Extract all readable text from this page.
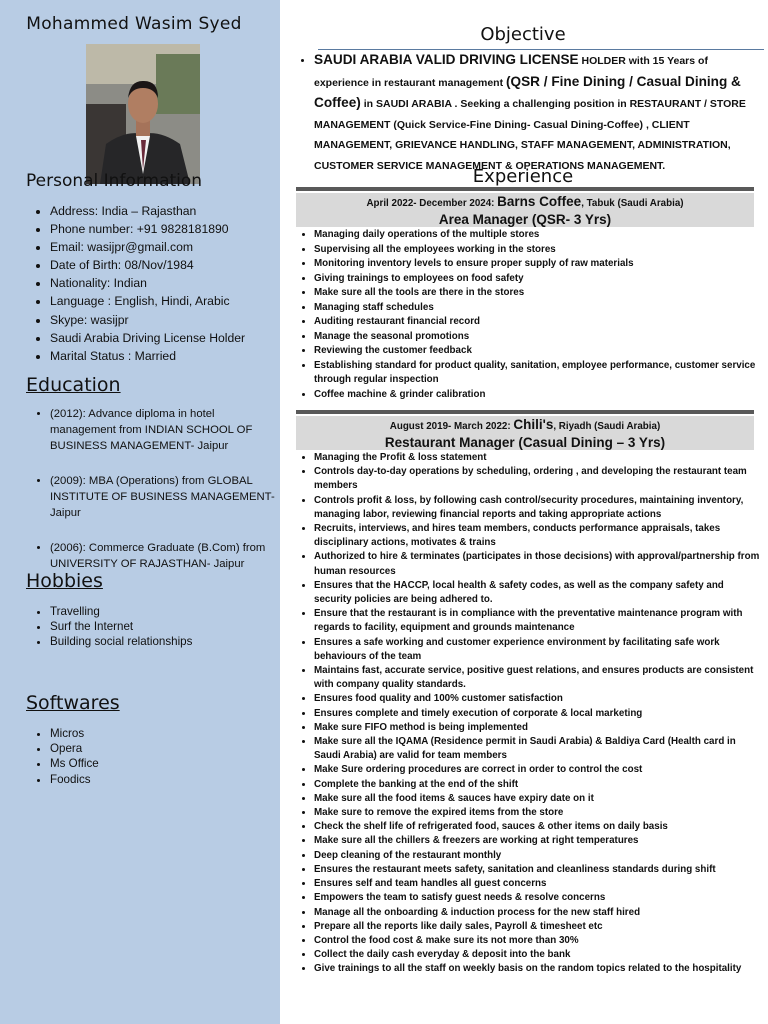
Mohammed Wasim Syed
Personal Information
• Address: India – Rajasthan
• Phone number: +91 9828181890
• Email: wasijpr@gmail.com
• Date of Birth: 08/Nov/1984
• Nationality: Indian
• Language : English, Hindi, Arabic
• Skype: wasijpr
• Saudi Arabia Driving License Holder
• Marital Status : Married
Education
• (2012): Advance diploma in hotel management from INDIAN SCHOOL OF BUSINESS MANAGEMENT- Jaipur
• (2009): MBA (Operations) from GLOBAL INSTITUTE OF BUSINESS MANAGEMENT- Jaipur
• (2006): Commerce Graduate (B.Com) from UNIVERSITY OF RAJASTHAN- Jaipur
Hobbies
• Travelling
• Surf the Internet
• Building social relationships
Softwares
• Micros
• Opera
• Ms Office
• Foodics
Objective
• SAUDI ARABIA VALID DRIVING LICENSE HOLDER with 15 Years of experience in restaurant management (QSR / Fine Dining / Casual Dining & Coffee) in SAUDI ARABIA . Seeking a challenging position in RESTAURANT / STORE MANAGEMENT (Quick Service-Fine Dining- Casual Dining-Coffee) , CLIENT MANAGEMENT, GRIEVANCE HANDLING, STAFF MANAGEMENT, ADMINISTRATION, CUSTOMER SERVICE MANAGEMENT & OPERATIONS MANAGEMENT.
Experience
April 2022- December 2024: Barns Coffee, Tabuk (Saudi Arabia)
Area Manager (QSR- 3 Yrs)
• Managing daily operations of the multiple stores
• Supervising all the employees working in the stores
• Monitoring inventory levels to ensure proper supply of raw materials
• Giving trainings to employees on food safety
• Make sure all the tools are there in the stores
• Managing staff schedules
• Auditing restaurant financial record
• Manage the seasonal promotions
• Reviewing the customer feedback
• Establishing standard for product quality, sanitation, employee performance, customer service through regular inspection
• Coffee machine & grinder calibration
August 2019- March 2022: Chili's, Riyadh (Saudi Arabia)
Restaurant Manager (Casual Dining – 3 Yrs)
• Managing the Profit & loss statement
• Controls day-to-day operations by scheduling, ordering , and developing the restaurant team members
• Controls profit & loss, by following cash control/security procedures, maintaining inventory, managing labor, reviewing financial reports and taking appropriate actions
• Recruits, interviews, and hires team members, conducts performance appraisals, takes disciplinary actions, motivates & trains
• Authorized to hire & terminates (participates in those decisions) with approval/partnership from human resources
• Ensures that the HACCP, local health & safety codes, as well as the company safety and security policies are being adhered to.
• Ensure that the restaurant is in compliance with the preventative maintenance program with regards to facility, equipment and grounds maintenance
• Ensures a safe working and customer experience environment by facilitating safe work behaviours of the team
• Maintains fast, accurate service, positive guest relations, and ensures products are consistent with company quality standards.
• Ensures food quality and 100% customer satisfaction
• Ensures complete and timely execution of corporate & local marketing
• Make sure FIFO method is being implemented
• Make sure all the IQAMA (Residence permit in Saudi Arabia) & Baldiya Card (Health card in Saudi Arabia) are valid for team members
• Make Sure ordering procedures are correct in order to control the cost
• Complete the banking at the end of the shift
• Make sure all the food items & sauces have expiry date on it
• Make sure to remove the expired items from the store
• Check the shelf life of refrigerated food, sauces & other items on daily basis
• Make sure all the chillers & freezers are working at right temperatures
• Deep cleaning of the restaurant monthly
• Ensures the restaurant meets safety, sanitation and cleanliness standards during shift
• Ensures self and team handles all guest concerns
• Empowers the team to satisfy guest needs & resolve concerns
• Manage all the onboarding & induction process for the new staff hired
• Prepare all the reports like daily sales, Payroll & timesheet etc
• Control the food cost & make sure its not more than 30%
• Collect the daily cash everyday & deposit into the bank
• Give trainings to all the staff on weekly basis on the random topics related to the hospitality
